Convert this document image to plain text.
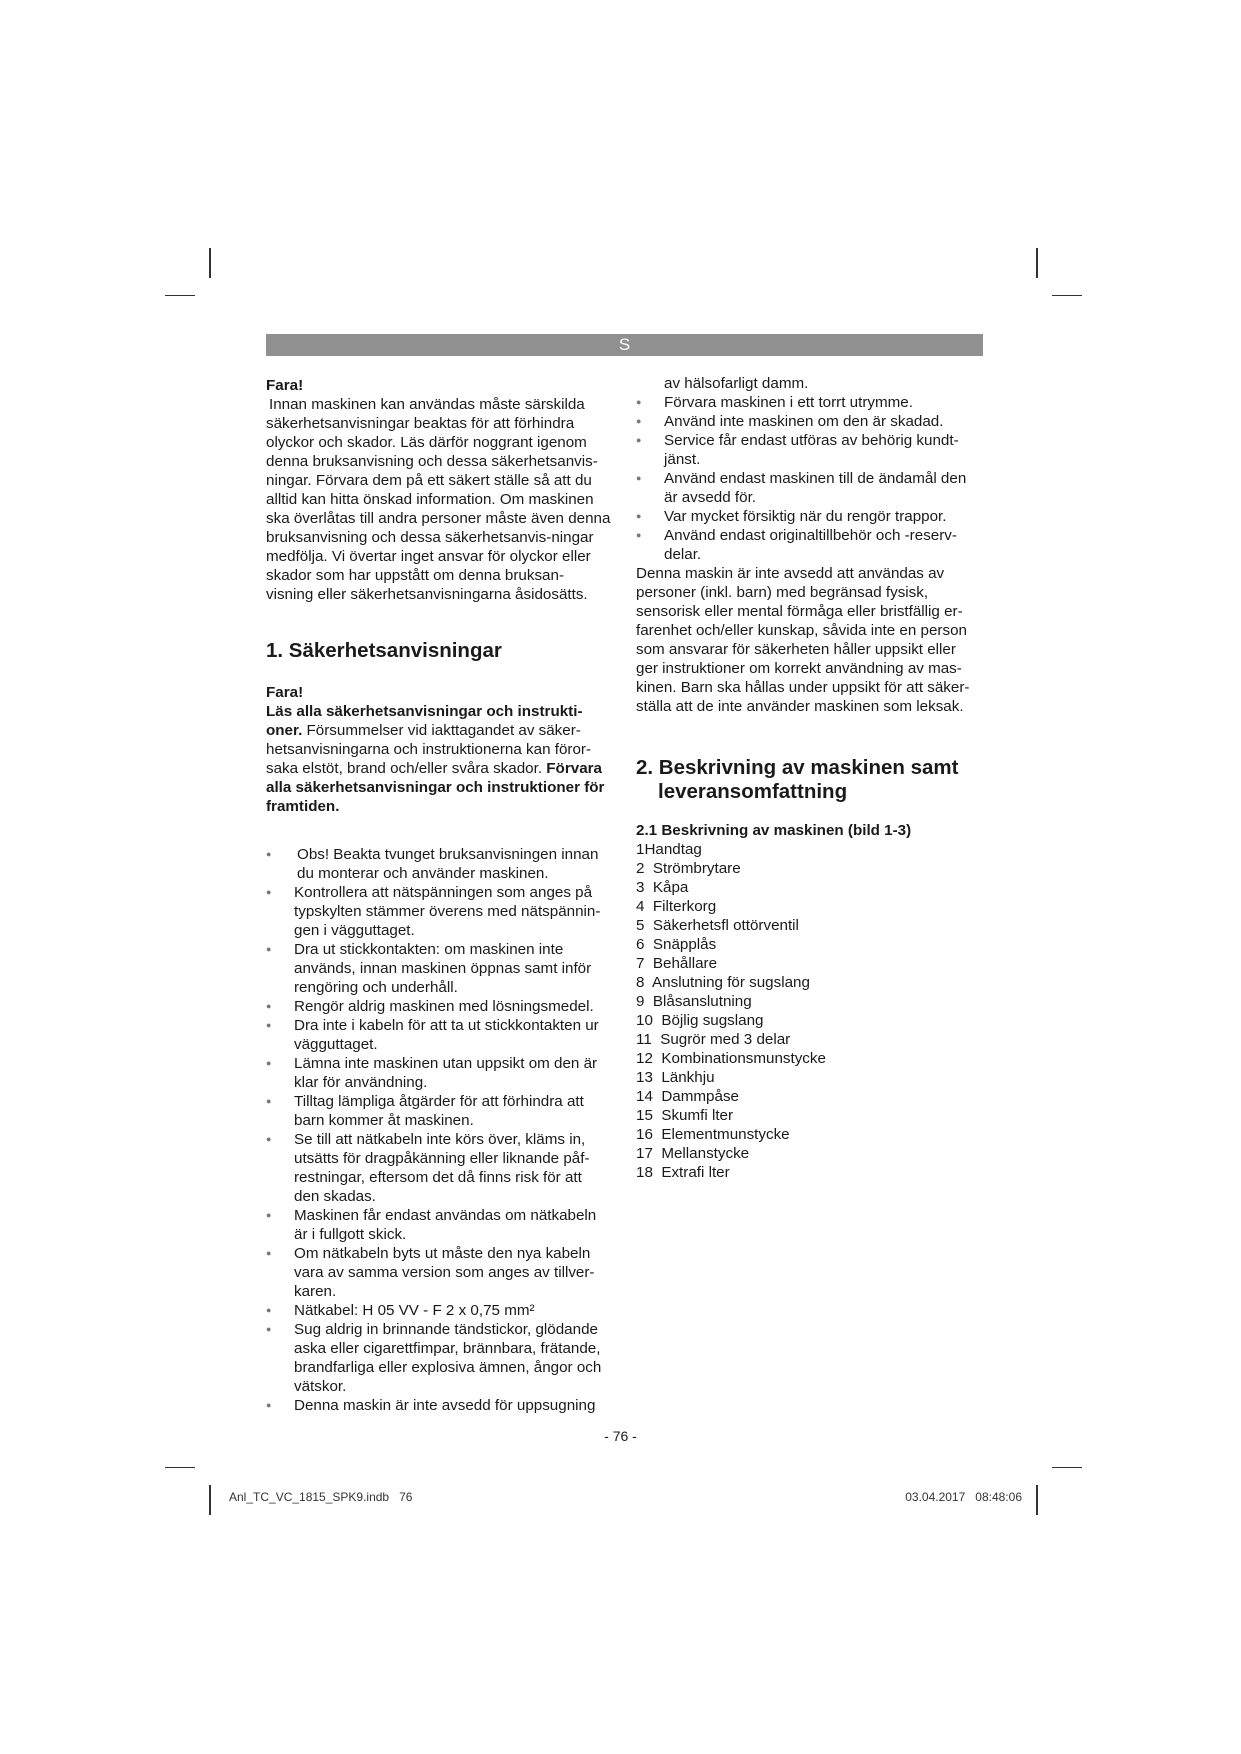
S

Fara!

Innan maskinen kan användas måste särskilda säkerhetsanvisningar beaktas för att förhindra olyckor och skador. Läs därför noggrant igenom denna bruksanvisning och dessa säkerhetsanvis-ningar. Förvara dem på ett säkert ställe så att du alltid kan hitta önskad information. Om maskinen ska överlåtas till andra personer måste även denna bruksanvisning och dessa säkerhetsanvis-ningar medfölja. Vi övertar inget ansvar för olyckor eller skador som har uppstått om denna bruksan-visning eller säkerhetsanvisningarna åsidosätts.

1. Säkerhetsanvisningar

Fara!

Läs alla säkerhetsanvisningar och instrukti-oner. Försummelser vid iakttagandet av säker-hetsanvisningarna och instruktionerna kan föror-saka elstöt, brand och/eller svåra skador. Förvara alla säkerhetsanvisningar och instruktioner för framtiden.

● Obs! Beakta tvunget bruksanvisningen innan du monterar och använder maskinen.
● Kontrollera att nätspänningen som anges på typskylten stämmer överens med nätspännin-gen i vägguttaget.
● Dra ut stickkontakten: om maskinen inte används, innan maskinen öppnas samt inför rengöring och underhåll.
● Rengör aldrig maskinen med lösningsmedel.
● Dra inte i kabeln för att ta ut stickkontakten ur vägguttaget.
● Lämna inte maskinen utan uppsikt om den är klar för användning.
● Tilltag lämpliga åtgärder för att förhindra att barn kommer åt maskinen.
● Se till att nätkabeln inte körs över, kläms in, utsätts för dragpåkänning eller liknande påf-restningar, eftersom det då finns risk för att den skadas.
● Maskinen får endast användas om nätkabeln är i fullgott skick.
● Om nätkabeln byts ut måste den nya kabeln vara av samma version som anges av tillver-karen.
● Nätkabel: H 05 VV - F 2 x 0,75 mm²
● Sug aldrig in brinnande tändstickor, glödande aska eller cigarettfimpar, brännbara, frätande, brandfarliga eller explosiva ämnen, ångor och vätskor.
● Denna maskin är inte avsedd för uppsugning

av hälsofarligt damm.

● Förvara maskinen i ett torrt utrymme.
● Använd inte maskinen om den är skadad.
● Service får endast utföras av behörig kundt-jänst.
● Använd endast maskinen till de ändamål den är avsedd för.
● Var mycket försiktig när du rengör trappor.
● Använd endast originaltillbehör och -reserv-delar.

Denna maskin är inte avsedd att användas av personer (inkl. barn) med begränsad fysisk, sensorisk eller mental förmåga eller bristfällig er-farenhet och/eller kunskap, såvida inte en person som ansvarar för säkerheten håller uppsikt eller ger instruktioner om korrekt användning av mas-kinen. Barn ska hållas under uppsikt för att säker-ställa att de inte använder maskinen som leksak.

2. Beskrivning av maskinen samt

leveransomfattning

2.1 Beskrivning av maskinen (bild 1-3)

1Handtag
2  Strömbrytare
3  Kåpa
4  Filterkorg
5  Säkerhetsfl ottörventil
6  Snäpplås
7  Behållare
8  Anslutning för sugslang
9  Blåsanslutning
10  Böjlig sugslang
11  Sugrör med 3 delar
12  Kombinationsmunstycke
13  Länkhju
14  Dammpåse
15  Skumfi lter
16  Elementmunstycke
17  Mellanstycke
18  Extrafi lter
- 76 -
Anl_TC_VC_1815_SPK9.indb   76	03.04.2017   08:48:06
